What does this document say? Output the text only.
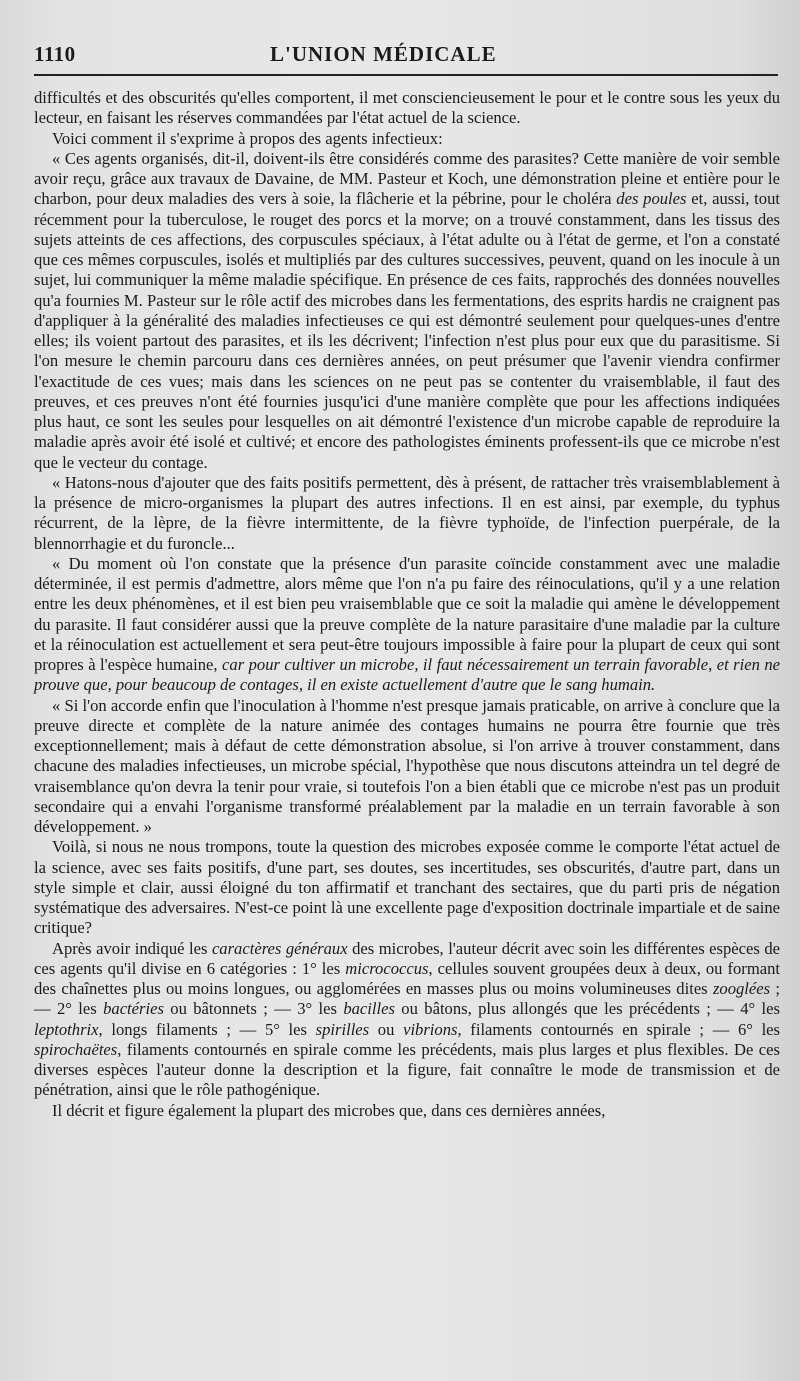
1110	L'UNION MÉDICALE

difficultés et des obscurités qu'elles comportent, il met consciencieusement le pour et le contre sous les yeux du lecteur, en faisant les réserves commandées par l'état actuel de la science.

Voici comment il s'exprime à propos des agents infectieux:

« Ces agents organisés, dit-il, doivent-ils être considérés comme des parasites? Cette manière de voir semble avoir reçu, grâce aux travaux de Davaine, de MM. Pasteur et Koch, une démonstration pleine et entière pour le charbon, pour deux maladies des vers à soie, la flâcherie et la pébrine, pour le choléra des poules et, aussi, tout récemment pour la tuberculose, le rouget des porcs et la morve; on a trouvé constamment, dans les tissus des sujets atteints de ces affections, des corpuscules spéciaux, à l'état adulte ou à l'état de germe, et l'on a constaté que ces mêmes corpuscules, isolés et multipliés par des cultures successives, peuvent, quand on les inocule à un sujet, lui communiquer la même maladie spécifique. En présence de ces faits, rapprochés des données nouvelles qu'a fournies M. Pasteur sur le rôle actif des microbes dans les fermentations, des esprits hardis ne craignent pas d'appliquer à la généralité des maladies infectieuses ce qui est démontré seulement pour quelques-unes d'entre elles; ils voient partout des parasites, et ils les décrivent; l'infection n'est plus pour eux que du parasitisme. Si l'on mesure le chemin parcouru dans ces dernières années, on peut présumer que l'avenir viendra confirmer l'exactitude de ces vues; mais dans les sciences on ne peut pas se contenter du vraisemblable, il faut des preuves, et ces preuves n'ont été fournies jusqu'ici d'une manière complète que pour les affections indiquées plus haut, ce sont les seules pour lesquelles on ait démontré l'existence d'un microbe capable de reproduire la maladie après avoir été isolé et cultivé; et encore des pathologistes éminents professent-ils que ce microbe n'est que le vecteur du contage.

« Hatons-nous d'ajouter que des faits positifs permettent, dès à présent, de rattacher très vraisemblablement à la présence de micro-organismes la plupart des autres infections. Il en est ainsi, par exemple, du typhus récurrent, de la lèpre, de la fièvre intermittente, de la fièvre typhoïde, de l'infection puerpérale, de la blennorrhagie et du furoncle...

« Du moment où l'on constate que la présence d'un parasite coïncide constamment avec une maladie déterminée, il est permis d'admettre, alors même que l'on n'a pu faire des réinoculations, qu'il y a une relation entre les deux phénomènes, et il est bien peu vraisemblable que ce soit la maladie qui amène le développement du parasite. Il faut considérer aussi que la preuve complète de la nature parasitaire d'une maladie par la culture et la réinoculation est actuellement et sera peut-être toujours impossible à faire pour la plupart de ceux qui sont propres à l'espèce humaine, car pour cultiver un microbe, il faut nécessairement un terrain favorable, et rien ne prouve que, pour beaucoup de contages, il en existe actuellement d'autre que le sang humain.

« Si l'on accorde enfin que l'inoculation à l'homme n'est presque jamais praticable, on arrive à conclure que la preuve directe et complète de la nature animée des contages humains ne pourra être fournie que très exceptionnellement; mais à défaut de cette démonstration absolue, si l'on arrive à trouver constamment, dans chacune des maladies infectieuses, un microbe spécial, l'hypothèse que nous discutons atteindra un tel degré de vraisemblance qu'on devra la tenir pour vraie, si toutefois l'on a bien établi que ce microbe n'est pas un produit secondaire qui a envahi l'organisme transformé préalablement par la maladie en un terrain favorable à son développement. »

Voilà, si nous ne nous trompons, toute la question des microbes exposée comme le comporte l'état actuel de la science, avec ses faits positifs, d'une part, ses doutes, ses incertitudes, ses obscurités, d'autre part, dans un style simple et clair, aussi éloigné du ton affirmatif et tranchant des sectaires, que du parti pris de négation systématique des adversaires. N'est-ce point là une excellente page d'exposition doctrinale impartiale et de saine critique?

Après avoir indiqué les caractères généraux des microbes, l'auteur décrit avec soin les différentes espèces de ces agents qu'il divise en 6 catégories : 1° les micrococcus, cellules souvent groupées deux à deux, ou formant des chaînettes plus ou moins longues, ou agglomérées en masses plus ou moins volumineuses dites zooglées ; — 2° les bactéries ou bâtonnets ; — 3° les bacilles ou bâtons, plus allongés que les précédents ; — 4° les leptothrix, longs filaments ; — 5° les spirilles ou vibrions, filaments contournés en spirale ; — 6° les spirochaëtes, filaments contournés en spirale comme les précédents, mais plus larges et plus flexibles. De ces diverses espèces l'auteur donne la description et la figure, fait connaître le mode de transmission et de pénétration, ainsi que le rôle pathogénique.

Il décrit et figure également la plupart des microbes que, dans ces dernières années,
